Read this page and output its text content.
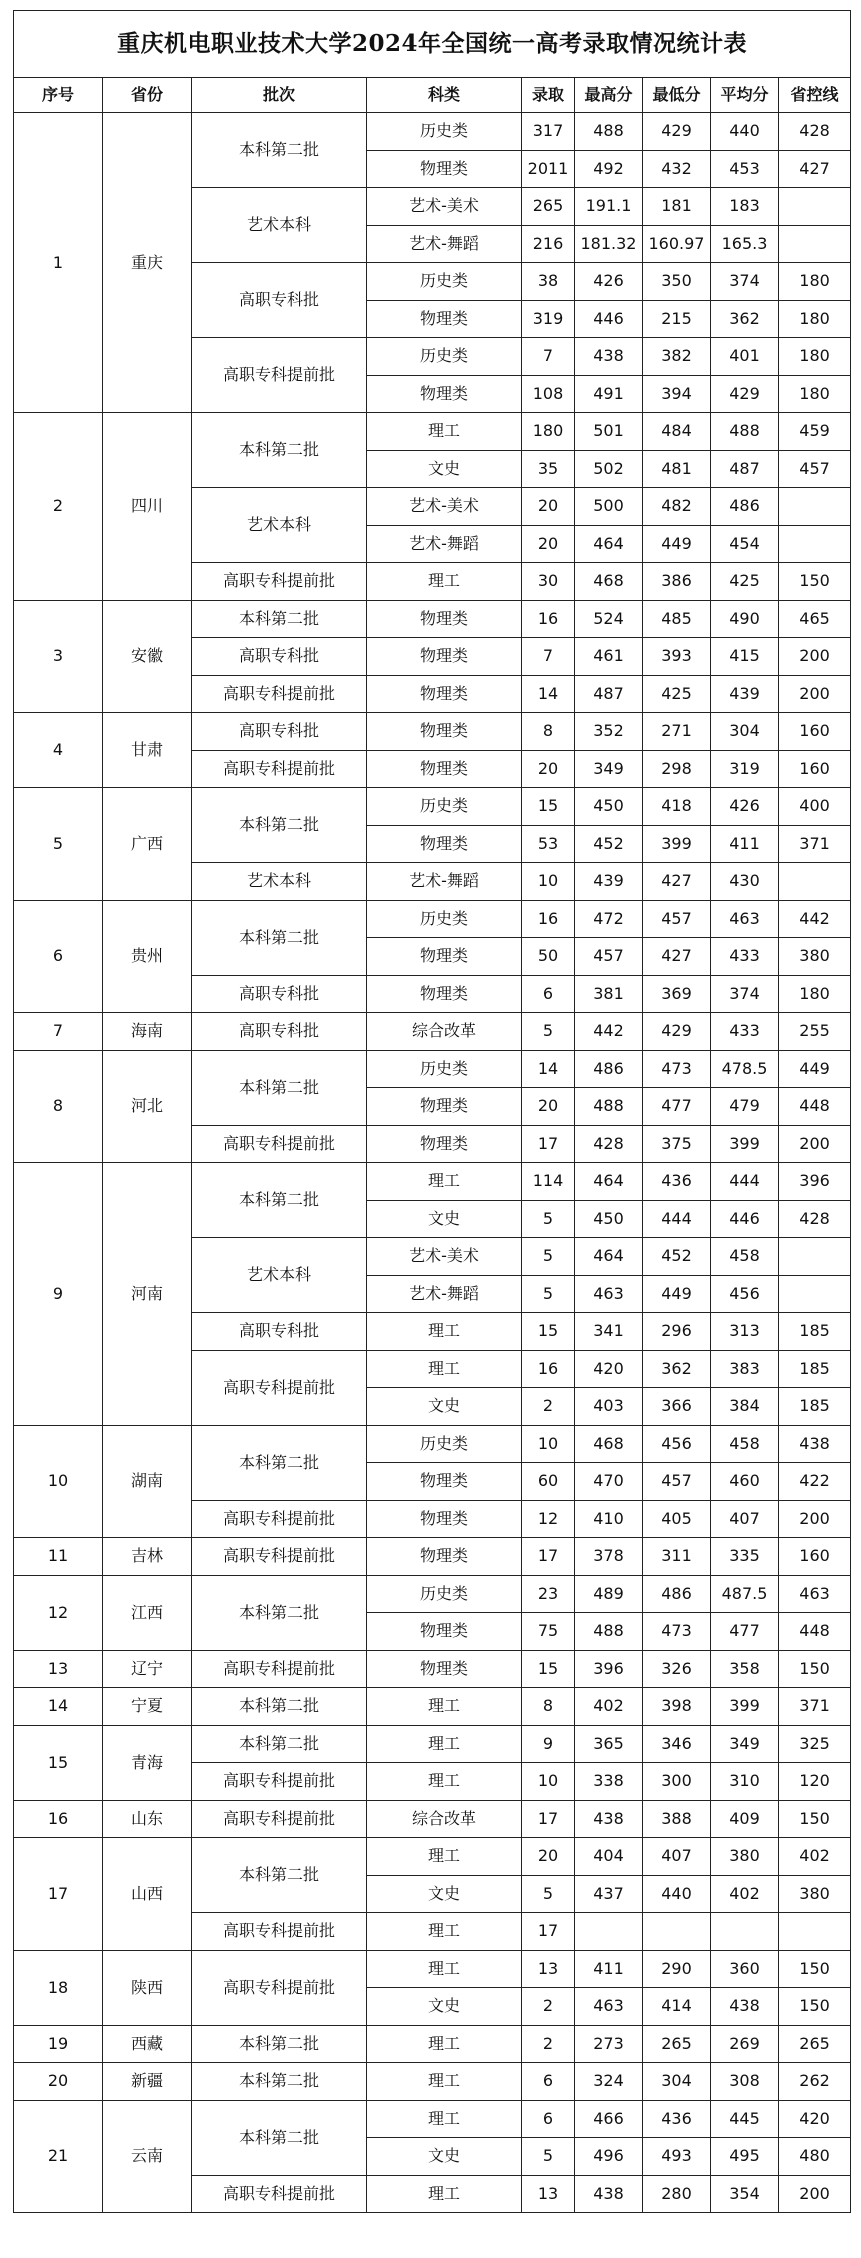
重庆机电职业技术大学2024年全国统一高考录取情况统计表								
序号	省份	批次	科类	录取	最高分	最低分	平均分	省控线
1	重庆	本科第二批	历史类	317	488	429	440	428
			物理类	2011	492	432	453	427
		艺术本科	艺术-美术	265	191.1	181	183	
			艺术-舞蹈	216	181.32	160.97	165.3	
		高职专科批	历史类	38	426	350	374	180
			物理类	319	446	215	362	180
		高职专科提前批	历史类	7	438	382	401	180
			物理类	108	491	394	429	180
2	四川	本科第二批	理工	180	501	484	488	459
			文史	35	502	481	487	457
		艺术本科	艺术-美术	20	500	482	486	
			艺术-舞蹈	20	464	449	454	
		高职专科提前批	理工	30	468	386	425	150
3	安徽	本科第二批	物理类	16	524	485	490	465
		高职专科批	物理类	7	461	393	415	200
		高职专科提前批	物理类	14	487	425	439	200
4	甘肃	高职专科批	物理类	8	352	271	304	160
		高职专科提前批	物理类	20	349	298	319	160
5	广西	本科第二批	历史类	15	450	418	426	400
			物理类	53	452	399	411	371
		艺术本科	艺术-舞蹈	10	439	427	430	
6	贵州	本科第二批	历史类	16	472	457	463	442
			物理类	50	457	427	433	380
		高职专科批	物理类	6	381	369	374	180
7	海南	高职专科批	综合改革	5	442	429	433	255
8	河北	本科第二批	历史类	14	486	473	478.5	449
			物理类	20	488	477	479	448
		高职专科提前批	物理类	17	428	375	399	200
9	河南	本科第二批	理工	114	464	436	444	396
			文史	5	450	444	446	428
		艺术本科	艺术-美术	5	464	452	458	
			艺术-舞蹈	5	463	449	456	
		高职专科批	理工	15	341	296	313	185
		高职专科提前批	理工	16	420	362	383	185
			文史	2	403	366	384	185
10	湖南	本科第二批	历史类	10	468	456	458	438
			物理类	60	470	457	460	422
		高职专科提前批	物理类	12	410	405	407	200
11	吉林	高职专科提前批	物理类	17	378	311	335	160
12	江西	本科第二批	历史类	23	489	486	487.5	463
			物理类	75	488	473	477	448
13	辽宁	高职专科提前批	物理类	15	396	326	358	150
14	宁夏	本科第二批	理工	8	402	398	399	371
15	青海	本科第二批	理工	9	365	346	349	325
		高职专科提前批	理工	10	338	300	310	120
16	山东	高职专科提前批	综合改革	17	438	388	409	150
17	山西	本科第二批	理工	20	404	407	380	402
			文史	5	437	440	402	380
		高职专科提前批	理工	17				
18	陕西	高职专科提前批	理工	13	411	290	360	150
			文史	2	463	414	438	150
19	西藏	本科第二批	理工	2	273	265	269	265
20	新疆	本科第二批	理工	6	324	304	308	262
21	云南	本科第二批	理工	6	466	436	445	420
			文史	5	496	493	495	480
		高职专科提前批	理工	13	438	280	354	200
